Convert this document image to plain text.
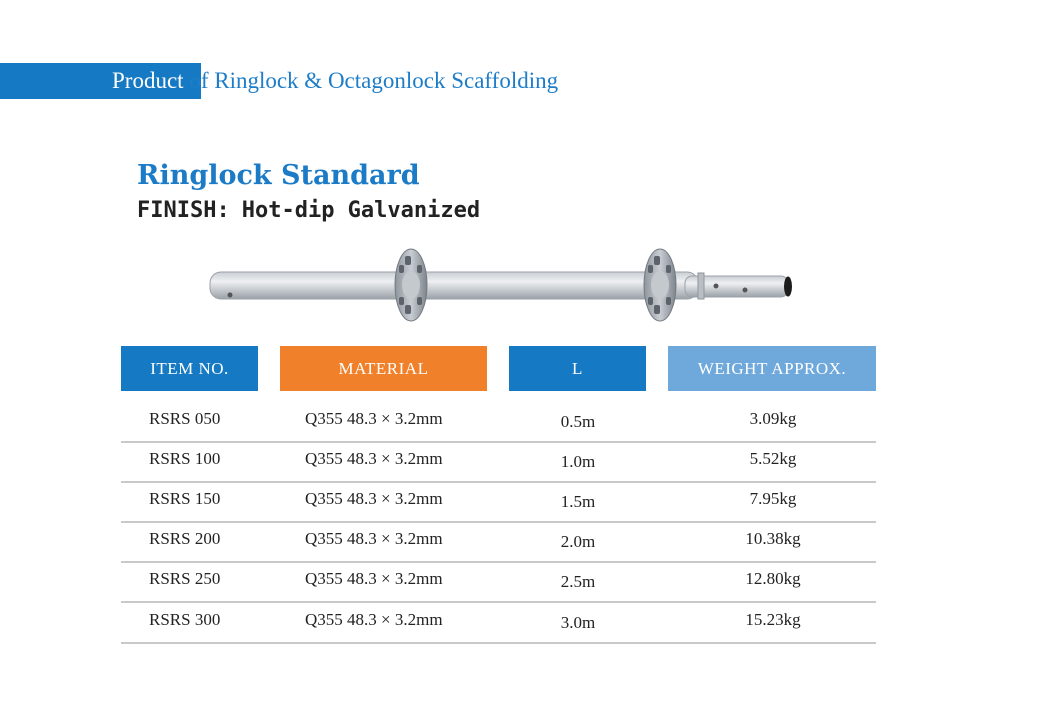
Product of Ringlock & Octagonlock Scaffolding
Ringlock Standard
FINISH: Hot-dip Galvanized
ITEM NO.	MATERIAL	L	WEIGHT APPROX.
RSRS 050	Q355 48.3 × 3.2mm	0.5m	3.09kg
RSRS 100	Q355 48.3 × 3.2mm	1.0m	5.52kg
RSRS 150	Q355 48.3 × 3.2mm	1.5m	7.95kg
RSRS 200	Q355 48.3 × 3.2mm	2.0m	10.38kg
RSRS 250	Q355 48.3 × 3.2mm	2.5m	12.80kg
RSRS 300	Q355 48.3 × 3.2mm	3.0m	15.23kg
